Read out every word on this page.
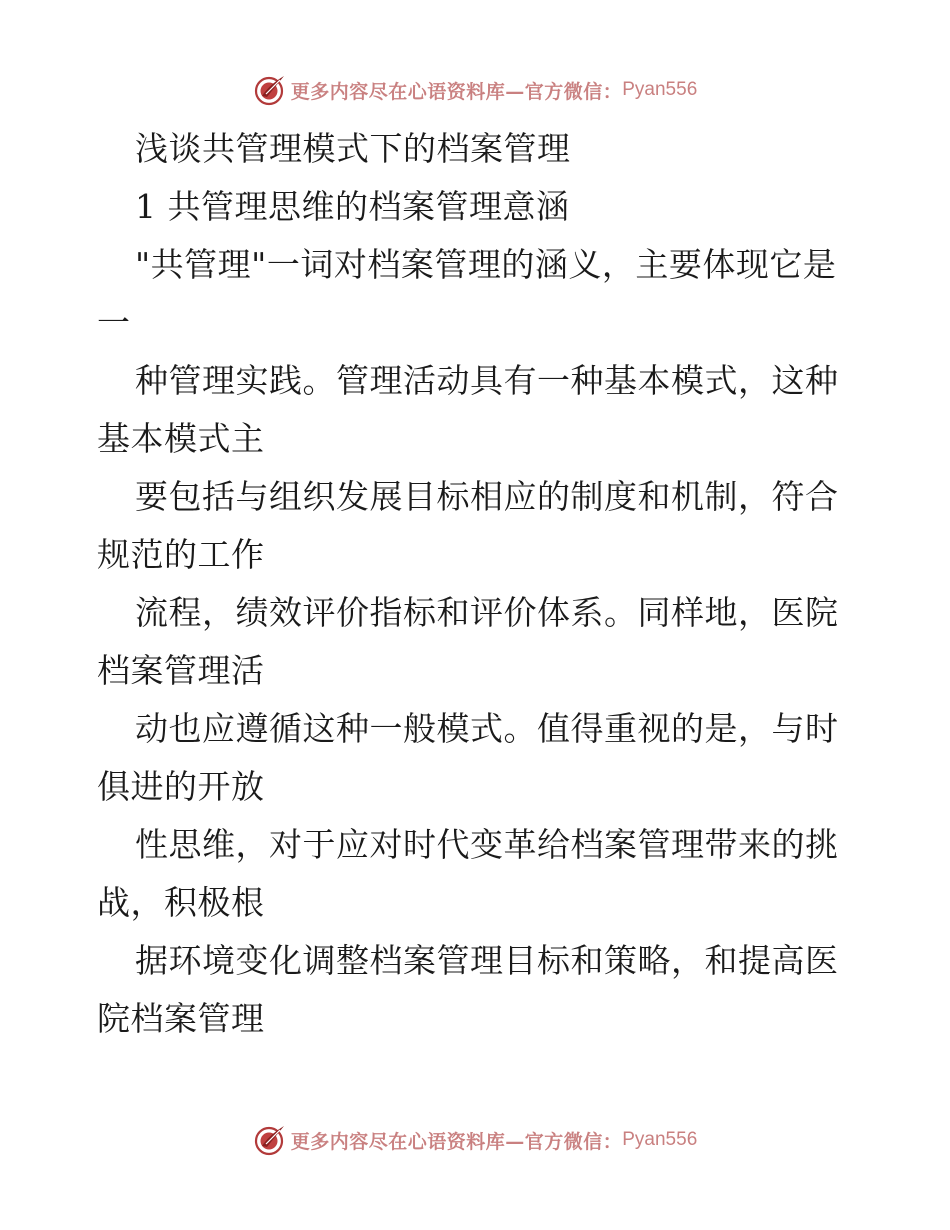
更多内容尽在心语资料库—官方微信： Pyan556
浅谈共管理模式下的档案管理
1 共管理思维的档案管理意涵
"共管理"一词对档案管理的涵义，主要体现它是
一
种管理实践。管理活动具有一种基本模式，这种
基本模式主
要包括与组织发展目标相应的制度和机制，符合
规范的工作
流程，绩效评价指标和评价体系。同样地，医院
档案管理活
动也应遵循这种一般模式。值得重视的是，与时
俱进的开放
性思维，对于应对时代变革给档案管理带来的挑
战，积极根
据环境变化调整档案管理目标和策略，和提高医
院档案管理
更多内容尽在心语资料库—官方微信： Pyan556
